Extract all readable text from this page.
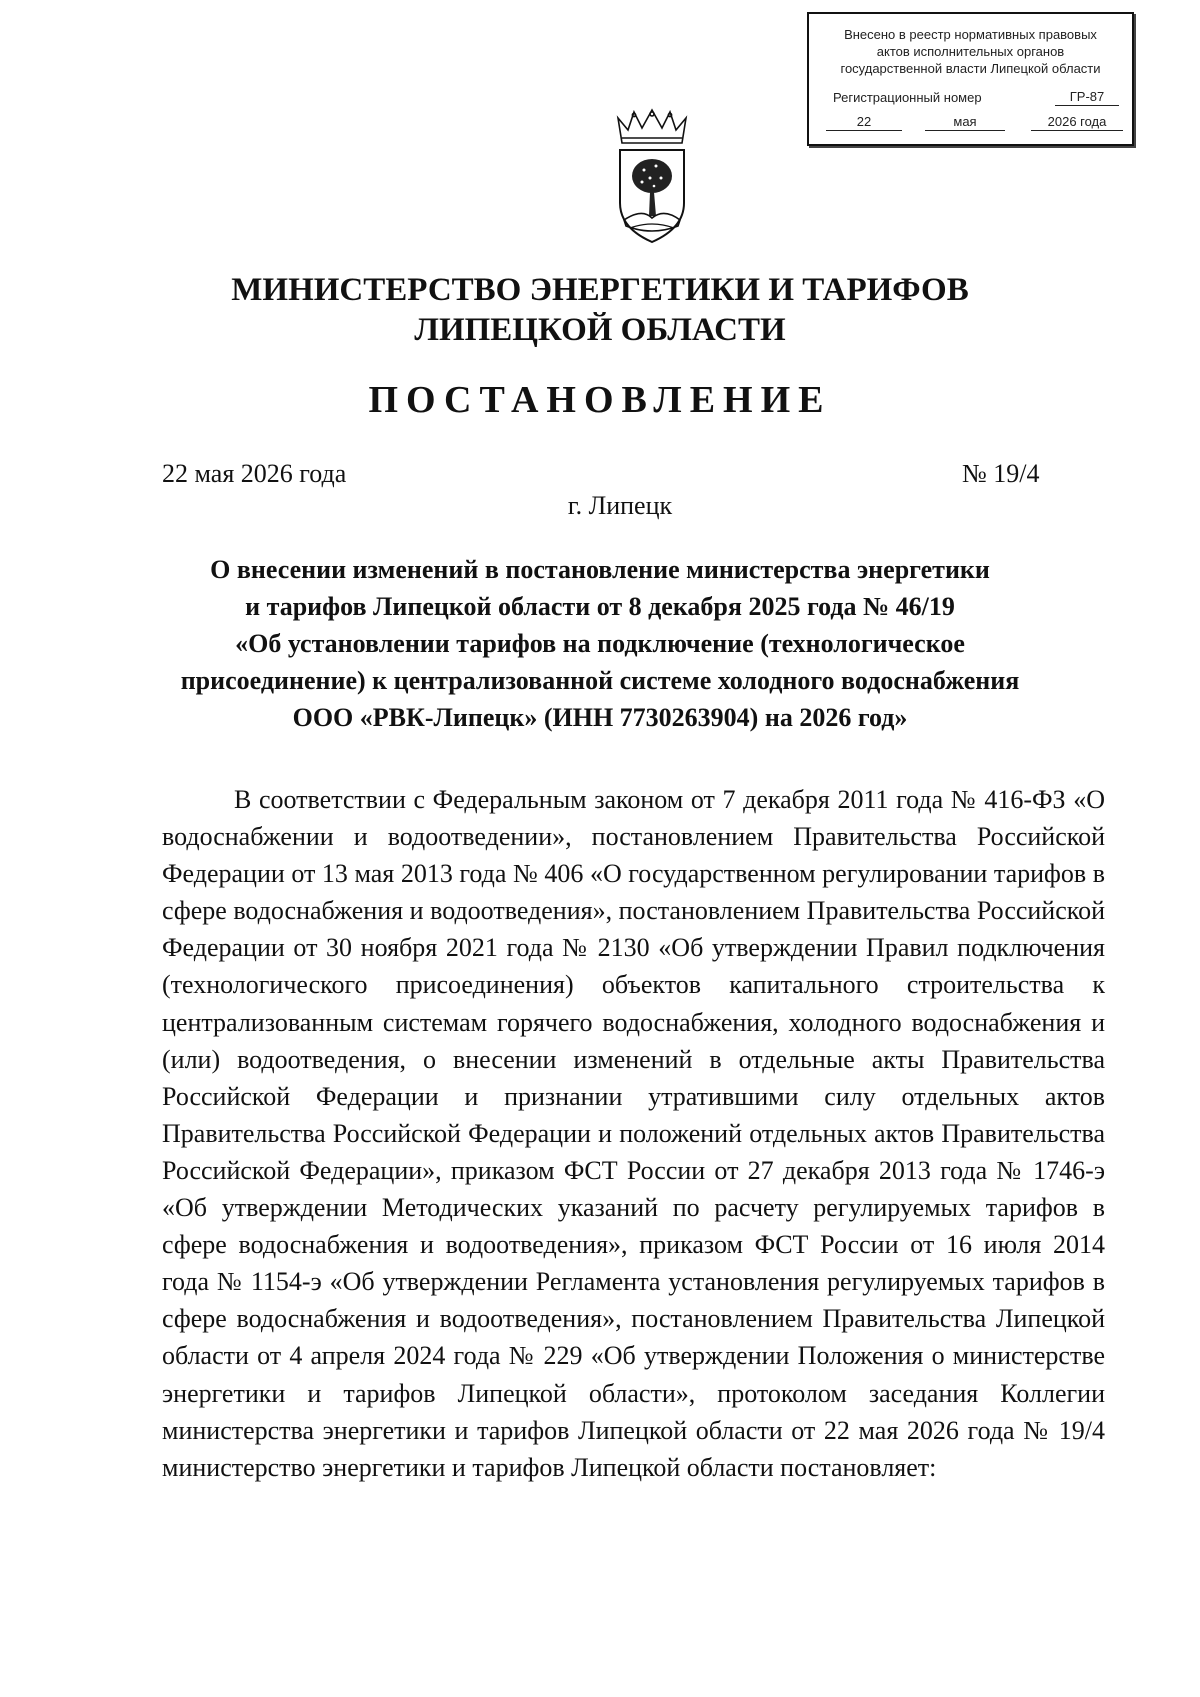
Внесено в реестр нормативных правовых
актов исполнительных органов
государственной власти Липецкой области
Регистрационный номер	ГР-87
22	мая	2026 года
МИНИСТЕРСТВО ЭНЕРГЕТИКИ И ТАРИФОВ
ЛИПЕЦКОЙ ОБЛАСТИ
ПОСТАНОВЛЕНИЕ
22 мая 2026 года	№ 19/4
г. Липецк
О внесении изменений в постановление министерства энергетики
и тарифов Липецкой области от 8 декабря 2025 года № 46/19
«Об установлении тарифов на подключение (технологическое
присоединение) к централизованной системе холодного водоснабжения
ООО «РВК-Липецк» (ИНН 7730263904) на 2026 год»

В соответствии с Федеральным законом от 7 декабря 2011 года № 416-ФЗ «О водоснабжении и водоотведении», постановлением Правительства Российской Федерации от 13 мая 2013 года № 406 «О государственном регулировании тарифов в сфере водоснабжения и водоотведения», постановлением Правительства Российской Федерации от 30 ноября 2021 года № 2130 «Об утверждении Правил подключения (технологического присоединения) объектов капитального строительства к централизованным системам горячего водоснабжения, холодного водоснабжения и (или) водоотведения, о внесении изменений в отдельные акты Правительства Российской Федерации и признании утратившими силу отдельных актов Правительства Российской Федерации и положений отдельных актов Правительства Российской Федерации», приказом ФСТ России от 27 декабря 2013 года № 1746-э «Об утверждении Методических указаний по расчету регулируемых тарифов в сфере водоснабжения и водоотведения», приказом ФСТ России от 16 июля 2014 года № 1154-э «Об утверждении Регламента установления регулируемых тарифов в сфере водоснабжения и водоотведения», постановлением Правительства Липецкой области от 4 апреля 2024 года № 229 «Об утверждении Положения о министерстве энергетики и тарифов Липецкой области», протоколом заседания Коллегии министерства энергетики и тарифов Липецкой области от 22 мая 2026 года № 19/4 министерство энергетики и тарифов Липецкой области постановляет:
